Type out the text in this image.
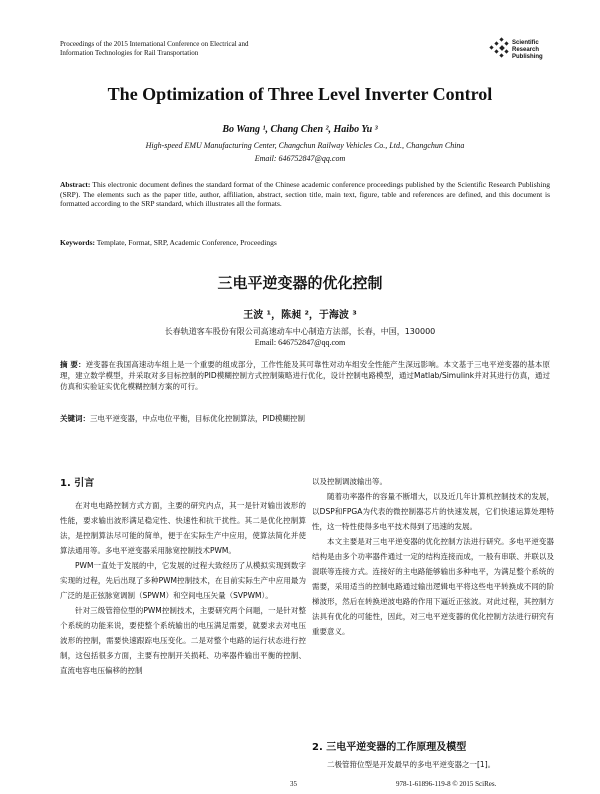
Proceedings of the 2015 International Conference on Electrical and
Information Technologies for Rail Transportation
Scientific
Research
Publishing
The Optimization of Three Level Inverter Control
Bo Wang ¹, Chang Chen ², Haibo Yu ³
High-speed EMU Manufacturing Center, Changchun Railway Vehicles Co., Ltd., Changchun China
Email: 646752847@qq.com
Abstract: This electronic document defines the standard format of the Chinese academic conference proceedings published by the Scientific Research Publishing (SRP). The elements such as the paper title, author, affiliation, abstract, section title, main text, figure, table and references are defined, and this document is formatted according to the SRP standard, which illustrates all the formats.
Keywords: Template, Format, SRP, Academic Conference, Proceedings
三电平逆变器的优化控制
王波 ¹，陈昶 ²，于海波 ³
长春轨道客车股份有限公司高速动车中心制造方法部，长春，中国，130000
Email: 646752847@qq.com
摘 要：逆变器在我国高速动车组上是一个重要的组成部分，工作性能及其可靠性对动车组安全性能产生深远影响。本文基于三电平逆变器的基本原理，建立数学模型，并采取对多目标控制的PID模糊控制方式控制策略进行优化，设计控制电路模型，通过Matlab/Simulink并对其进行仿真，通过仿真和实验证实优化模糊控制方案的可行。
关键词：三电平逆变器，中点电位平衡，目标优化控制算法，PID模糊控制
1. 引言

在对电电路控制方式方面，主要的研究内点，其一是针对输出波形的性能，要求输出波形满足稳定性、快速性和抗干扰性。其二是优化控制算法，是控制算法尽可能的简单，便于在实际生产中应用，使算法简化并使算法通用等。多电平逆变器采用脉宽控制技术PWM。

PWM一直处于发展的中，它发展的过程大致经历了从模拟实现到数字实现的过程，先后出现了多种PWM控制技术，在目前实际生产中应用最为广泛的是正弦脉宽调制（SPWM）和空间电压矢量（SVPWM）。

针对三级管箝位型的PWM控制技术，主要研究两个问题，一是针对整个系统的功能来说，要使整个系统输出的电压满足需要，就要求去对电压波形的控制，需要快速跟踪电压变化。二是对整个电路的运行状态进行控制，这包括很多方面，主要有控制开关损耗、功率器件输出平衡的控制、直流电容电压偏移的控制

以及控制调波输出等。

随着功率器件的容量不断增大，以及近几年计算机控制技术的发展，以DSP和FPGA为代表的微控制器芯片的快速发展，它们快速运算处理特性，这一特性使得多电平技术得到了迅速的发展。

本文主要是对三电平逆变器的优化控制方法进行研究。多电平逆变器结构是由多个功率器件通过一定的结构连接而成，一般有串联、并联以及混联等连接方式。连接好的主电路能够输出多种电平，为满足整个系统的需要，采用适当的控制电路通过输出逻辑电平将这些电平转换成不同的阶梯波形，然后在转换逆波电路的作用下逼近正弦波。对此过程，其控制方法具有优化的可能性，因此，对三电平逆变器的优化控制方法进行研究有重要意义。

2. 三电平逆变器的工作原理及模型
二极管箝位型是开发最早的多电平逆变器之一[1]。
35	978-1-61896-119-8 © 2015 SciRes.
